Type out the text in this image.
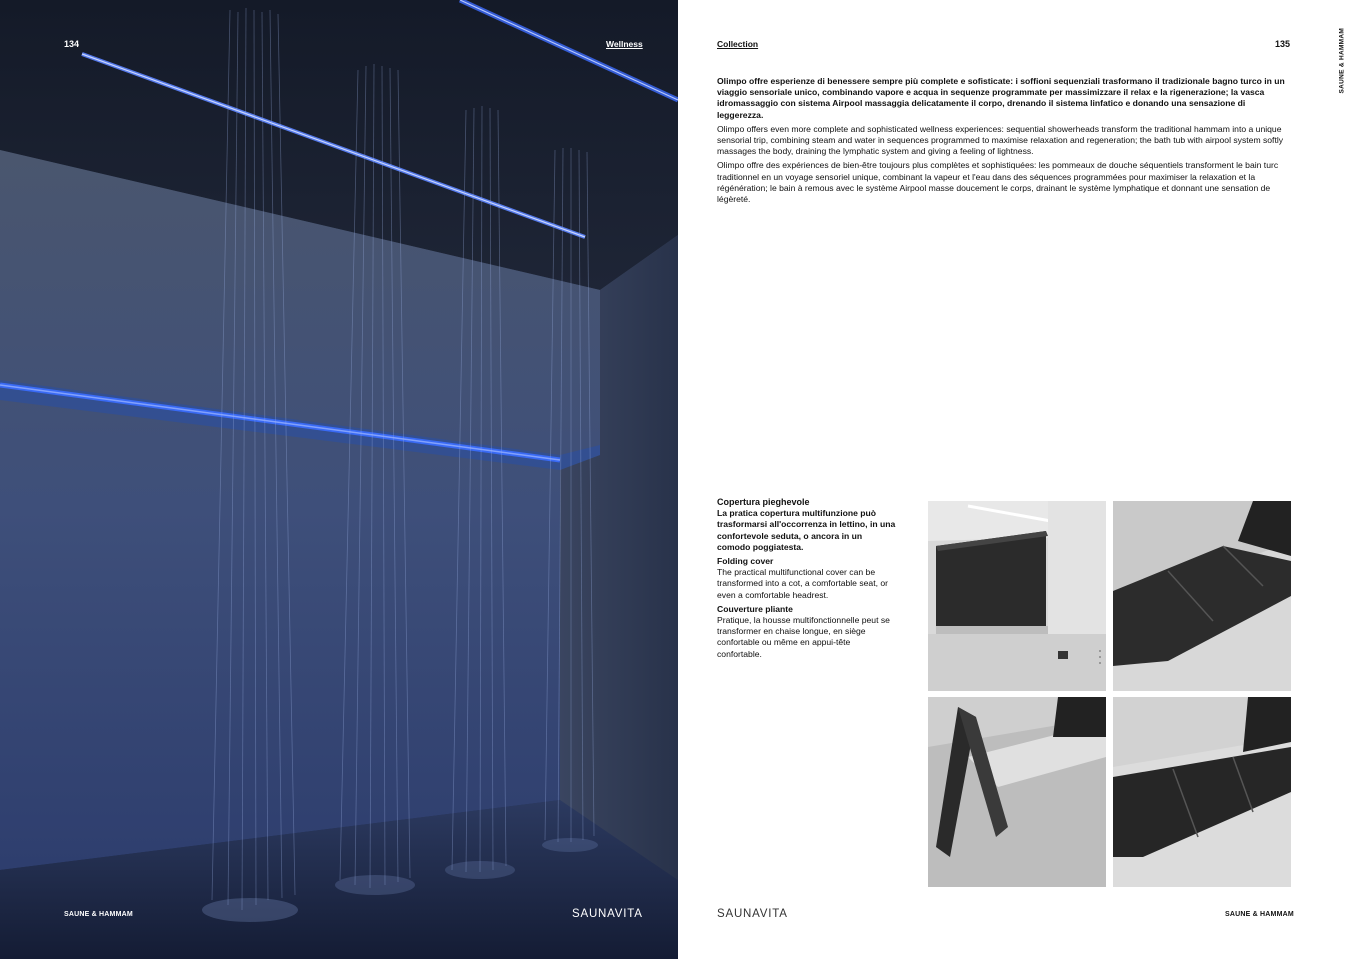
134	Wellness
SAUNE & HAMMAM	SAUNAVITA
Collection	135	SAUNE & HAMMAM

Olimpo offre esperienze di benessere sempre più complete e sofisticate: i soffioni sequenziali trasformano il tradizionale bagno turco in un viaggio sensoriale unico, combinando vapore e acqua in sequenze programmate per massimizzare il relax e la rigenerazione; la vasca idromassaggio con sistema Airpool massaggia delicatamente il corpo, drenando il sistema linfatico e donando una sensazione di leggerezza.

Olimpo offers even more complete and sophisticated wellness experiences: sequential showerheads transform the traditional hammam into a unique sensorial trip, combining steam and water in sequences programmed to maximise relaxation and regeneration; the bath tub with airpool system softly massages the body, draining the lymphatic system and giving a feeling of lightness.

Olimpo offre des expériences de bien-être toujours plus complètes et sophistiquées: les pommeaux de douche séquentiels transforment le bain turc traditionnel en un voyage sensoriel unique, combinant la vapeur et l'eau dans des séquences programmées pour maximiser la relaxation et la régénération; le bain à remous avec le système Airpool masse doucement le corps, drainant le système lymphatique et donnant une sensation de légèreté.

Copertura pieghevole

La pratica copertura multifunzione può trasformarsi all'occorrenza in lettino, in una confortevole seduta, o ancora in un comodo poggiatesta.

Folding cover

The practical multifunctional cover can be transformed into a cot, a comfortable seat, or even a comfortable headrest.

Couverture pliante

Pratique, la housse multifonctionnelle peut se transformer en chaise longue, en siège confortable ou même en appui-tête confortable.

SAUNAVITA	SAUNE & HAMMAM
